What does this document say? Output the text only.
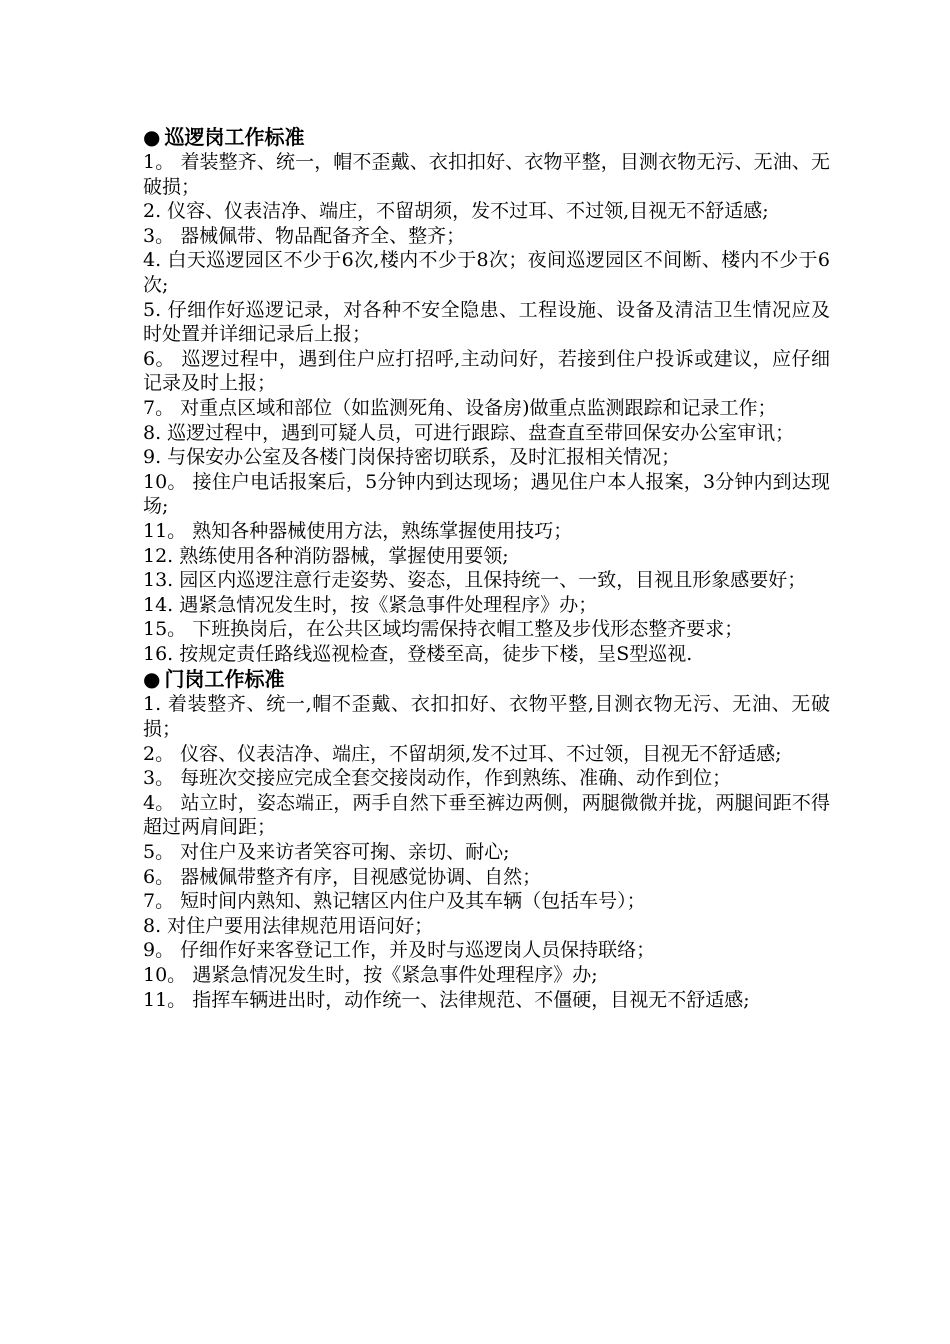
● 巡逻岗工作标准
1。 着装整齐、统一，帽不歪戴、衣扣扣好、衣物平整，目测衣物无污、无油、无破损；
2. 仪容、仪表洁净、端庄，不留胡须，发不过耳、不过领,目视无不舒适感;
3。 器械佩带、物品配备齐全、整齐；
4. 白天巡逻园区不少于6次,楼内不少于8次；夜间巡逻园区不间断、楼内不少于6次;
5. 仔细作好巡逻记录，对各种不安全隐患、工程设施、设备及清洁卫生情况应及时处置并详细记录后上报；
6。 巡逻过程中，遇到住户应打招呼,主动问好，若接到住户投诉或建议，应仔细记录及时上报；
7。 对重点区域和部位（如监测死角、设备房)做重点监测跟踪和记录工作；
8. 巡逻过程中，遇到可疑人员，可进行跟踪、盘查直至带回保安办公室审讯；
9. 与保安办公室及各楼门岗保持密切联系，及时汇报相关情况；
10。 接住户电话报案后，5分钟内到达现场；遇见住户本人报案，3分钟内到达现场;
11。 熟知各种器械使用方法，熟练掌握使用技巧；
12. 熟练使用各种消防器械，掌握使用要领;
13. 园区内巡逻注意行走姿势、姿态，且保持统一、一致，目视且形象感要好；
14. 遇紧急情况发生时，按《紧急事件处理程序》办；
15。 下班换岗后，在公共区域均需保持衣帽工整及步伐形态整齐要求；
16. 按规定责任路线巡视检查，登楼至高，徒步下楼，呈S型巡视.
● 门岗工作标准
1. 着装整齐、统一,帽不歪戴、衣扣扣好、衣物平整,目测衣物无污、无油、无破损；
2。 仪容、仪表洁净、端庄，不留胡须,发不过耳、不过领，目视无不舒适感;
3。 每班次交接应完成全套交接岗动作，作到熟练、准确、动作到位；
4。 站立时，姿态端正，两手自然下垂至裤边两侧，两腿微微并拢，两腿间距不得超过两肩间距；
5。 对住户及来访者笑容可掬、亲切、耐心;
6。 器械佩带整齐有序，目视感觉协调、自然；
7。 短时间内熟知、熟记辖区内住户及其车辆（包括车号）；
8. 对住户要用法律规范用语问好；
9。 仔细作好来客登记工作，并及时与巡逻岗人员保持联络；
10。 遇紧急情况发生时，按《紧急事件处理程序》办;
11。 指挥车辆进出时，动作统一、法律规范、不僵硬，目视无不舒适感;
